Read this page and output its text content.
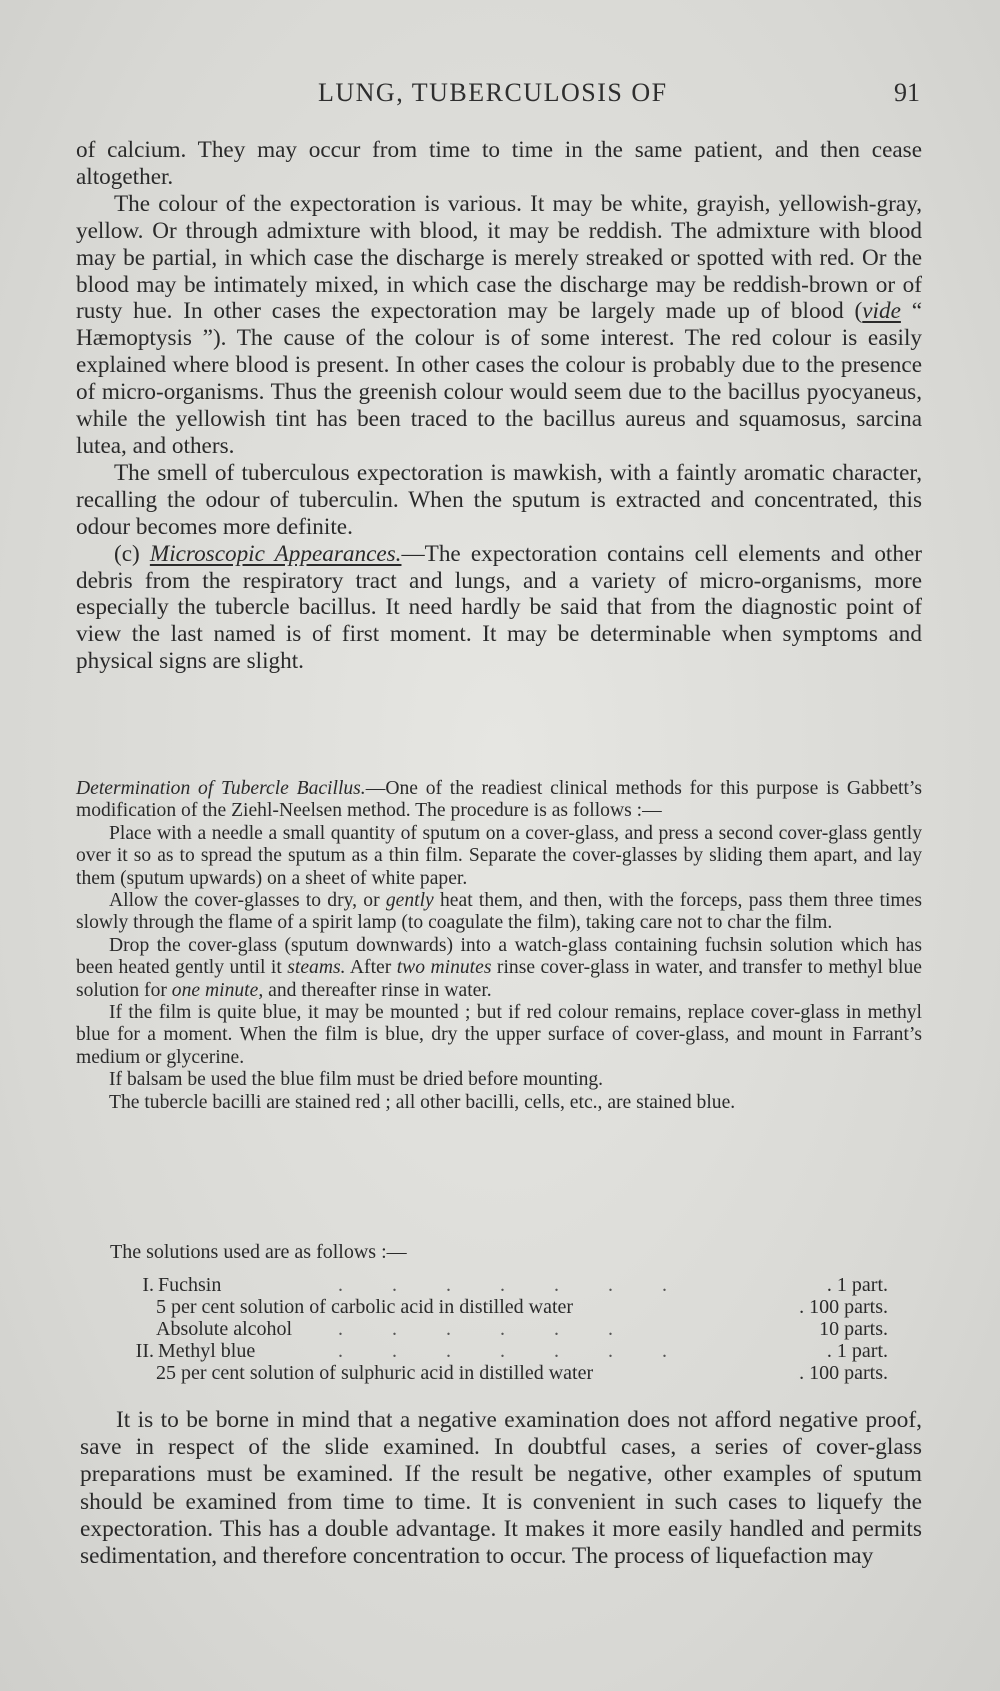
LUNG, TUBERCULOSIS OF	91

of calcium. They may occur from time to time in the same patient, and then cease altogether.

The colour of the expectoration is various. It may be white, grayish, yellowish-gray, yellow. Or through admixture with blood, it may be reddish. The admixture with blood may be partial, in which case the discharge is merely streaked or spotted with red. Or the blood may be intimately mixed, in which case the discharge may be reddish-brown or of rusty hue. In other cases the expectoration may be largely made up of blood (vide “ Hæmoptysis ”). The cause of the colour is of some interest. The red colour is easily explained where blood is present. In other cases the colour is probably due to the presence of micro-organisms. Thus the greenish colour would seem due to the bacillus pyocyaneus, while the yellowish tint has been traced to the bacillus aureus and squamosus, sarcina lutea, and others.

The smell of tuberculous expectoration is mawkish, with a faintly aromatic character, recalling the odour of tuberculin. When the sputum is extracted and concentrated, this odour becomes more definite.

(c) Microscopic Appearances.—The expectoration contains cell elements and other debris from the respiratory tract and lungs, and a variety of micro-organisms, more especially the tubercle bacillus. It need hardly be said that from the diagnostic point of view the last named is of first moment. It may be determinable when symptoms and physical signs are slight.

Determination of Tubercle Bacillus.—One of the readiest clinical methods for this purpose is Gabbett’s modification of the Ziehl-Neelsen method. The procedure is as follows :—

Place with a needle a small quantity of sputum on a cover-glass, and press a second cover-glass gently over it so as to spread the sputum as a thin film. Separate the cover-glasses by sliding them apart, and lay them (sputum upwards) on a sheet of white paper.

Allow the cover-glasses to dry, or gently heat them, and then, with the forceps, pass them three times slowly through the flame of a spirit lamp (to coagulate the film), taking care not to char the film.

Drop the cover-glass (sputum downwards) into a watch-glass containing fuchsin solution which has been heated gently until it steams. After two minutes rinse cover-glass in water, and transfer to methyl blue solution for one minute, and thereafter rinse in water.

If the film is quite blue, it may be mounted ; but if red colour remains, replace cover-glass in methyl blue for a moment. When the film is blue, dry the upper surface of cover-glass, and mount in Farrant’s medium or glycerine.

If balsam be used the blue film must be dried before mounting.

The tubercle bacilli are stained red ; all other bacilli, cells, etc., are stained blue.

The solutions used are as follows :—
I. Fuchsin	. . . . . . .	. 1 part.
5 per cent solution of carbolic acid in distilled water	. 100 parts.
Absolute alcohol . . . . . .	10 parts.
II. Methyl blue	. . . . . . .	. 1 part.
25 per cent solution of sulphuric acid in distilled water	. 100 parts.

It is to be borne in mind that a negative examination does not afford negative proof, save in respect of the slide examined. In doubtful cases, a series of cover-glass preparations must be examined. If the result be negative, other examples of sputum should be examined from time to time. It is convenient in such cases to liquefy the expectoration. This has a double advantage. It makes it more easily handled and permits sedimentation, and therefore concentration to occur. The process of liquefaction may
